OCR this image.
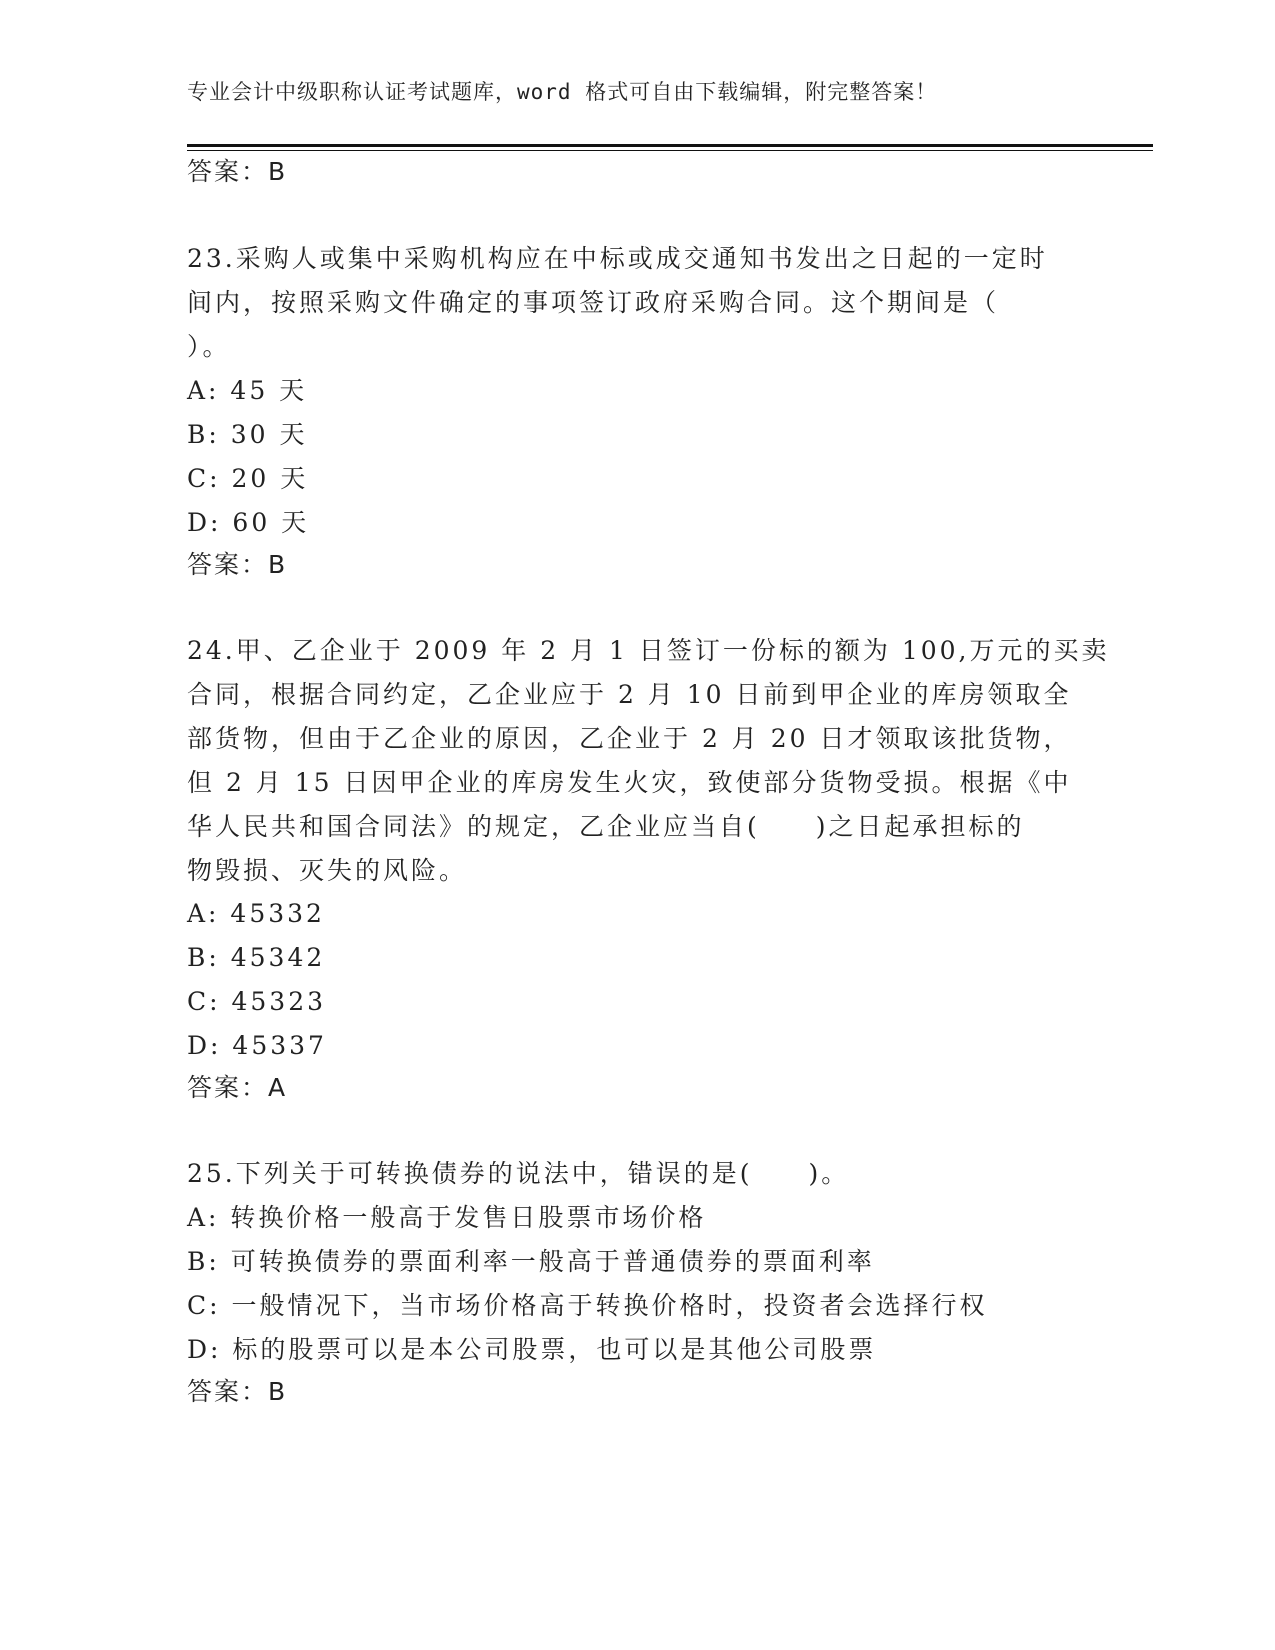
专业会计中级职称认证考试题库，word 格式可自由下载编辑，附完整答案！
答案：B
23.采购人或集中采购机构应在中标或成交通知书发出之日起的一定时
间内，按照采购文件确定的事项签订政府采购合同。这个期间是（
）。
A: 45 天
B: 30 天
C: 20 天
D: 60 天
答案：B
24.甲、乙企业于 2009 年 2 月 1 日签订一份标的额为 100,万元的买卖
合同，根据合同约定，乙企业应于 2 月 10 日前到甲企业的库房领取全
部货物，但由于乙企业的原因，乙企业于 2 月 20 日才领取该批货物，
但 2 月 15 日因甲企业的库房发生火灾，致使部分货物受损。根据《中
华人民共和国合同法》的规定，乙企业应当自(　　)之日起承担标的
物毁损、灭失的风险。
A: 45332
B: 45342
C: 45323
D: 45337
答案：A
25.下列关于可转换债券的说法中，错误的是(　　)。
A: 转换价格一般高于发售日股票市场价格
B: 可转换债券的票面利率一般高于普通债券的票面利率
C: 一般情况下，当市场价格高于转换价格时，投资者会选择行权
D: 标的股票可以是本公司股票，也可以是其他公司股票
答案：B
